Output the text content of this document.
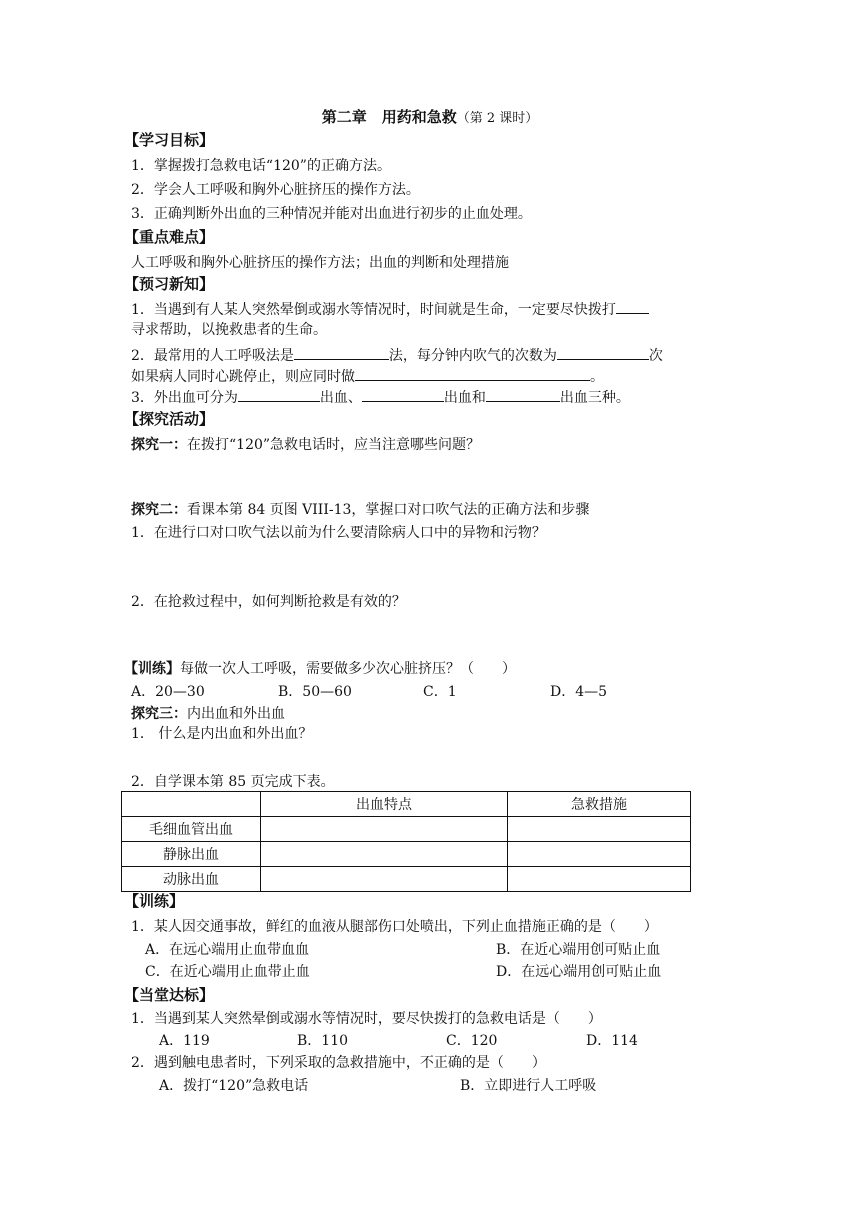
第二章　用药和急救（第 2 课时）
【学习目标】
1．掌握拨打急救电话“120”的正确方法。
2．学会人工呼吸和胸外心脏挤压的操作方法。
3．正确判断外出血的三种情况并能对出血进行初步的止血处理。
【重点难点】
人工呼吸和胸外心脏挤压的操作方法；出血的判断和处理措施
【预习新知】
1．当遇到有人某人突然晕倒或溺水等情况时，时间就是生命，一定要尽快拨打
寻求帮助，以挽救患者的生命。
2．最常用的人工呼吸法是	法，每分钟内吹气的次数为	次
如果病人同时心跳停止，则应同时做	。
3．外出血可分为	出血、	出血和	出血三种。
【探究活动】
探究一：在拨打“120”急救电话时，应当注意哪些问题？
探究二：看课本第 84 页图 VIII-13，掌握口对口吹气法的正确方法和步骤
1．在进行口对口吹气法以前为什么要清除病人口中的异物和污物？
2．在抢救过程中，如何判断抢救是有效的？
【训练】每做一次人工呼吸，需要做多少次心脏挤压？（　　）
A．20—30	B．50—60	C．1	D．4—5
探究三：内出血和外出血
1． 什么是内出血和外出血？
2．自学课本第 85 页完成下表。
	出血特点	急救措施
毛细血管出血		
静脉出血		
动脉出血		
【训练】
1．某人因交通事故，鲜红的血液从腿部伤口处喷出，下列止血措施正确的是（　　）
A．在远心端用止血带血血	B．在近心端用创可贴止血
C．在近心端用止血带止血	D．在远心端用创可贴止血
【当堂达标】
1．当遇到某人突然晕倒或溺水等情况时，要尽快拨打的急救电话是（　　）
A．119	B．110	C．120	D．114
2．遇到触电患者时，下列采取的急救措施中，不正确的是（　　）
A．拨打“120”急救电话	B．立即进行人工呼吸
